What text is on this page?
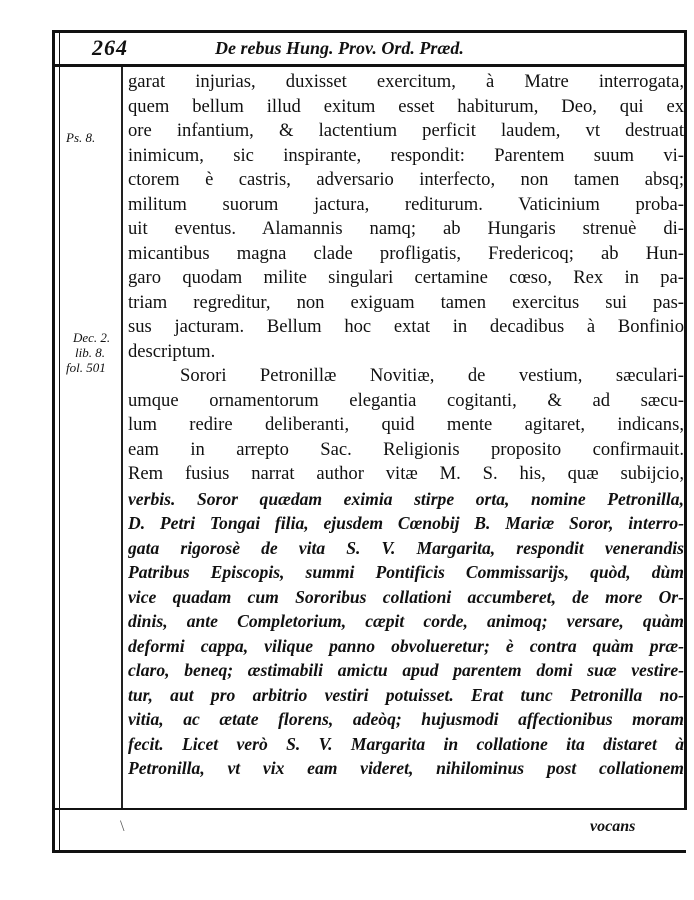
264	De rebus Hung. Prov. Ord. Præd.
Ps. 8.
Dec. 2.
lib. 8.
fol. 501
garat injurias, duxisset exercitum, à Matre interrogata,
quem bellum illud exitum esset habiturum, Deo, qui ex
ore infantium, & lactentium perficit laudem, vt destruat
inimicum, sic inspirante, respondit: Parentem suum vi-
ctorem è castris, adversario interfecto, non tamen absq;
militum suorum jactura, rediturum. Vaticinium proba-
uit eventus. Alamannis namq; ab Hungaris strenuè di-
micantibus magna clade profligatis, Fredericoq; ab Hun-
garo quodam milite singulari certamine cœso, Rex in pa-
triam regreditur, non exiguam tamen exercitus sui pas-
sus jacturam. Bellum hoc extat in decadibus à Bonfinio
descriptum.
Sorori Petronillæ Novitiæ, de vestium, sæculari-
umque ornamentorum elegantia cogitanti, & ad sæcu-
lum redire deliberanti, quid mente agitaret, indicans,
eam in arrepto Sac. Religionis proposito confirmauit.
Rem fusius narrat author vitæ M. S. his, quæ subijcio,
verbis. Soror quædam eximia stirpe orta, nomine Petronilla,
D. Petri Tongai filia, ejusdem Cœnobij B. Mariæ Soror, interro-
gata rigorosè de vita S. V. Margarita, respondit venerandis
Patribus Episcopis, summi Pontificis Commissarijs, quòd, dùm
vice quadam cum Sororibus collationi accumberet, de more Or-
dinis, ante Completorium, cæpit corde, animoq; versare, quàm
deformi cappa, vilique panno obvolueretur; è contra quàm præ-
claro, beneq; æstimabili amictu apud parentem domi suæ vestire-
tur, aut pro arbitrio vestiri potuisset. Erat tunc Petronilla no-
vitia, ac ætate florens, adeòq; hujusmodi affectionibus moram
fecit. Licet verò S. V. Margarita in collatione ita distaret à
Petronilla, vt vix eam videret, nihilominus post collationem
\	vocans
